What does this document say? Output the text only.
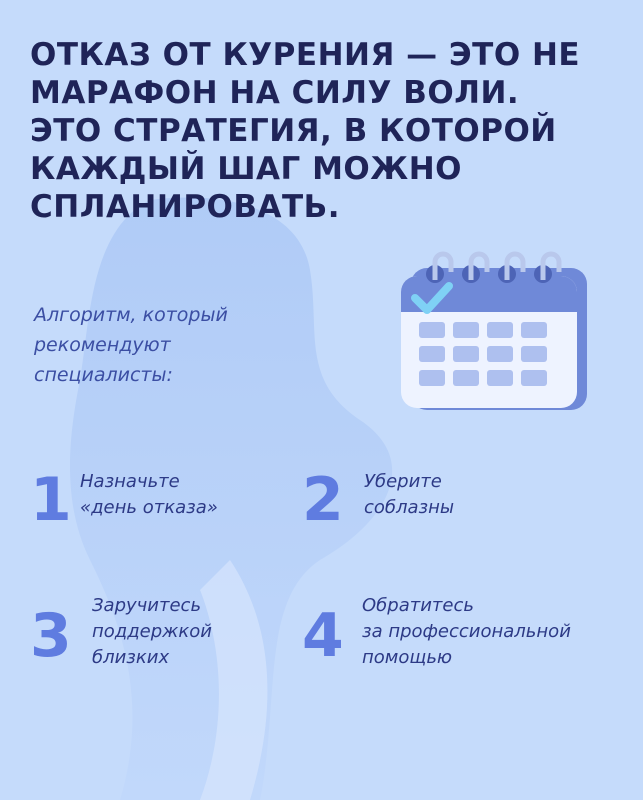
ОТКАЗ ОТ КУРЕНИЯ — ЭТО НЕ
МАРАФОН НА СИЛУ ВОЛИ.
ЭТО СТРАТЕГИЯ, В КОТОРОЙ
КАЖДЫЙ ШАГ МОЖНО
СПЛАНИРОВАТЬ.
Алгоритм, который
рекомендуют
специалисты:
1 Назначьте
«день отказа» 2 Уберите
соблазны
3 Заручитесь
поддержкой
близких	4 Обратитесь
за профессиональной
помощью
